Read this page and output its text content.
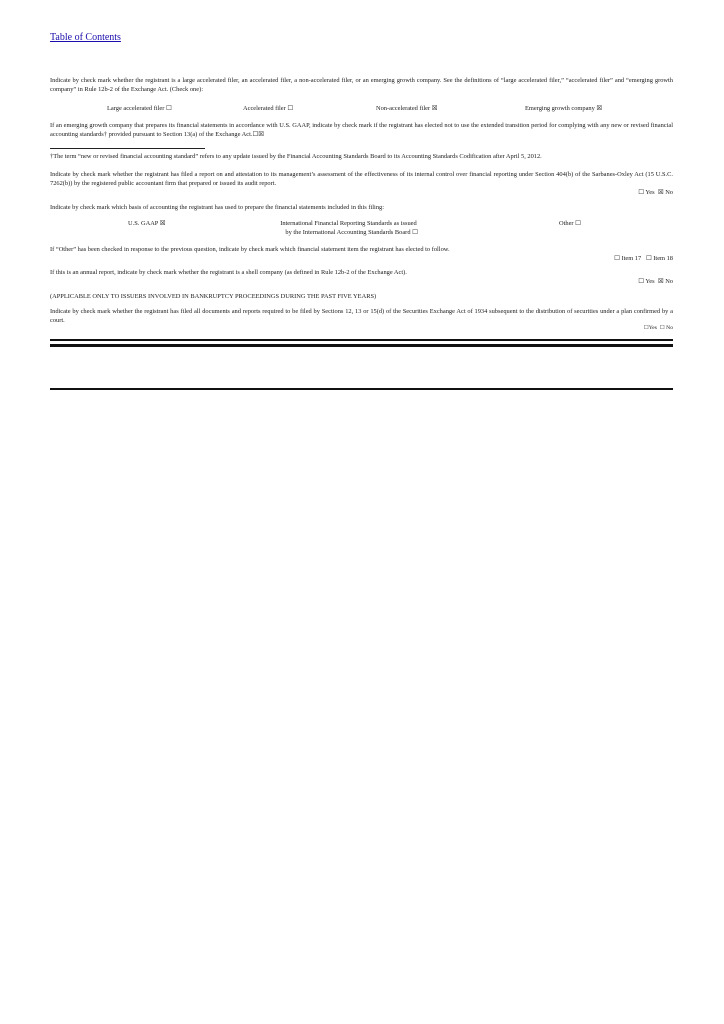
Table of Contents
Indicate by check mark whether the registrant is a large accelerated filer, an accelerated filer, a non-accelerated filer, or an emerging growth company. See the definitions of “large accelerated filer,” “accelerated filer” and “emerging growth company” in Rule 12b-2 of the Exchange Act. (Check one):
Large accelerated filer ☐	Accelerated filer ☐	Non-accelerated filer ☒	Emerging growth company ☒
If an emerging growth company that prepares its financial statements in accordance with U.S. GAAP, indicate by check mark if the registrant has elected not to use the extended transition period for complying with any new or revised financial accounting standards† provided pursuant to Section 13(a) of the Exchange Act.☐☒
†The term “new or revised financial accounting standard” refers to any update issued by the Financial Accounting Standards Board to its Accounting Standards Codification after April 5, 2012.
Indicate by check mark whether the registrant has filed a report on and attestation to its management’s assessment of the effectiveness of its internal control over financial reporting under Section 404(b) of the Sarbanes-Oxley Act (15 U.S.C. 7262(b)) by the registered public accountant firm that prepared or issued its audit report.
☐ Yes ☒ No
Indicate by check mark which basis of accounting the registrant has used to prepare the financial statements included in this filing:
U.S. GAAP ☒	International Financial Reporting Standards as issued
by the International Accounting Standards Board ☐
Other ☐
If “Other” has been checked in response to the previous question, indicate by check mark which financial statement item the registrant has elected to follow.
☐ Item 17 ☐ Item 18
If this is an annual report, indicate by check mark whether the registrant is a shell company (as defined in Rule 12b-2 of the Exchange Act).
☐ Yes ☒ No
(APPLICABLE ONLY TO ISSUERS INVOLVED IN BANKRUPTCY PROCEEDINGS DURING THE PAST FIVE YEARS)
Indicate by check mark whether the registrant has filed all documents and reports required to be filed by Sections 12, 13 or 15(d) of the Securities Exchange Act of 1934 subsequent to the distribution of securities under a plan confirmed by a court.
☐Yes ☐ No
